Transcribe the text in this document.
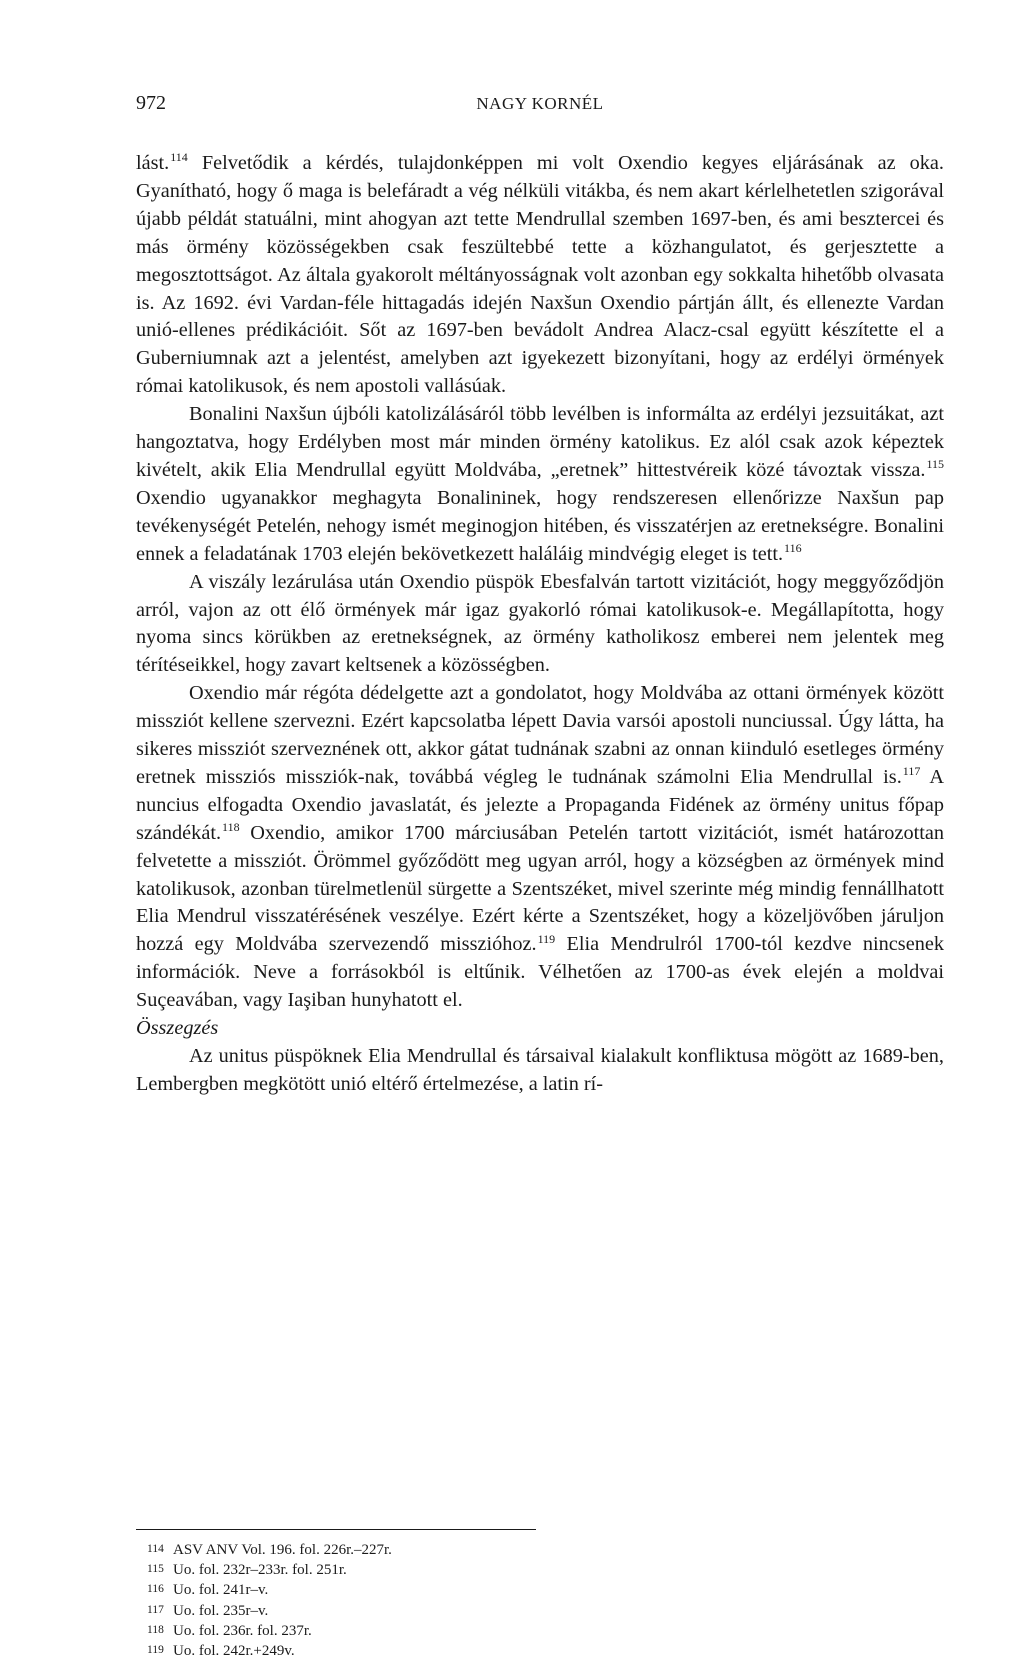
972	NAGY KORNÉL

lást.$^{114}$ Felvetődik a kérdés, tulajdonképpen mi volt Oxendio kegyes eljárásának az oka. Gyanítható, hogy ő maga is belefáradt a vég nélküli vitákba, és nem akart kérlelhetetlen szigorával újabb példát statuálni, mint ahogyan azt tette Mendrullal szemben 1697-ben, és ami besztercei és más örmény közösségekben csak feszültebbé tette a közhangulatot, és gerjesztette a megosztottságot. Az általa gyakorolt méltányosságnak volt azonban egy sokkalta hihetőbb olvasata is. Az 1692. évi Vardan-féle hittagadás idején Naxšun Oxendio pártján állt, és ellenezte Vardan unió-ellenes prédikációit. Sőt az 1697-ben bevádolt Andrea Alacz-csal együtt készítette el a Guberniumnak azt a jelentést, amelyben azt igyekezett bizonyítani, hogy az erdélyi örmények római katolikusok, és nem apostoli vallásúak.

Bonalini Naxšun újbóli katolizálásáról több levélben is informálta az erdélyi jezsuitákat, azt hangoztatva, hogy Erdélyben most már minden örmény katolikus. Ez alól csak azok képeztek kivételt, akik Elia Mendrullal együtt Moldvába, „eretnek” hittestvéreik közé távoztak vissza.$^{115}$ Oxendio ugyanakkor meghagyta Bonalininek, hogy rendszeresen ellenőrizze Naxšun pap tevékenységét Petelén, nehogy ismét meginogjon hitében, és visszatérjen az eretnekségre. Bonalini ennek a feladatának 1703 elején bekövetkezett haláláig mindvégig eleget is tett.$^{116}$

A viszály lezárulása után Oxendio püspök Ebesfalván tartott vizitációt, hogy meggyőződjön arról, vajon az ott élő örmények már igaz gyakorló római katolikusok-e. Megállapította, hogy nyoma sincs körükben az eretnekségnek, az örmény katholikosz emberei nem jelentek meg térítéseikkel, hogy zavart keltsenek a közösségben.

Oxendio már régóta dédelgette azt a gondolatot, hogy Moldvába az ottani örmények között missziót kellene szervezni. Ezért kapcsolatba lépett Davia varsói apostoli nunciussal. Úgy látta, ha sikeres missziót szerveznének ott, akkor gátat tudnának szabni az onnan kiinduló esetleges örmény eretnek missziós missziók-nak, továbbá végleg le tudnának számolni Elia Mendrullal is.$^{117}$ A nuncius elfogadta Oxendio javaslatát, és jelezte a Propaganda Fidének az örmény unitus főpap szándékát.$^{118}$ Oxendio, amikor 1700 márciusában Petelén tartott vizitációt, ismét határozottan felvetette a missziót. Örömmel győződött meg ugyan arról, hogy a községben az örmények mind katolikusok, azonban türelmetlenül sürgette a Szentszéket, mivel szerinte még mindig fennállhatott Elia Mendrul visszatérésének veszélye. Ezért kérte a Szentszéket, hogy a közeljövőben járuljon hozzá egy Moldvába szervezendő misszióhoz.$^{119}$ Elia Mendrulról 1700-tól kezdve nincsenek információk. Neve a forrásokból is eltűnik. Vélhetően az 1700-as évek elején a moldvai Suçeavában, vagy Iaşiban hunyhatott el.

Összegzés

Az unitus püspöknek Elia Mendrullal és társaival kialakult konfliktusa mögött az 1689-ben, Lembergben megkötött unió eltérő értelmezése, a latin rí-

114 ASV ANV Vol. 196. fol. 226r.–227r.
115 Uo. fol. 232r–233r. fol. 251r.
116 Uo. fol. 241r–v.
117 Uo. fol. 235r–v.
118 Uo. fol. 236r. fol. 237r.
119 Uo. fol. 242r.+249v.
